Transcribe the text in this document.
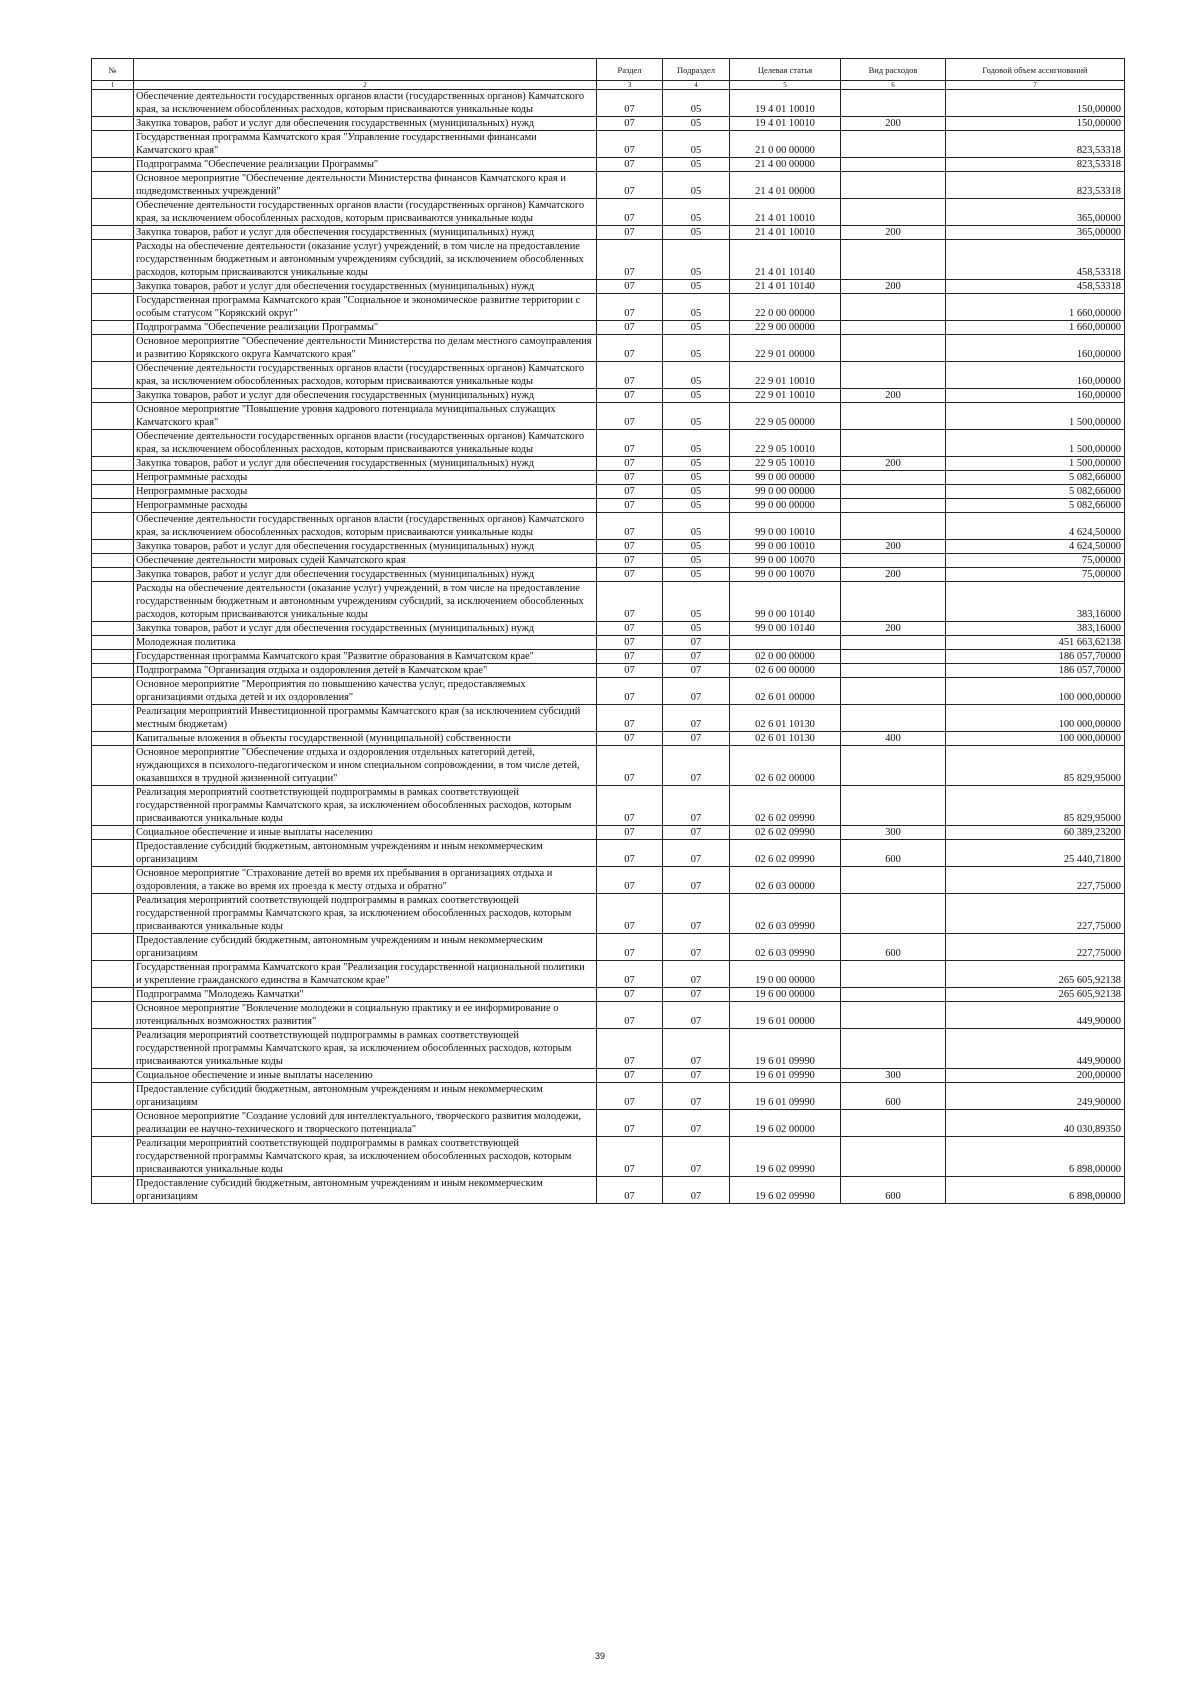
№		Раздел	Подраздел	Целевая статья	Вид расходов	Годовой объем ассигнований
1	2	3	4	5	6	7
	Обеспечение деятельности государственных органов власти (государственных органов) Камчатского края, за исключением обособленных расходов, которым присваиваются уникальные коды	07	05	19 4 01 10010		150,00000
	Закупка товаров, работ и услуг для обеспечения государственных (муниципальных) нужд	07	05	19 4 01 10010	200	150,00000
	Государственная программа Камчатского края "Управление государственными финансами Камчатского края"	07	05	21 0 00 00000		823,53318
	Подпрограмма "Обеспечение реализации Программы"	07	05	21 4 00 00000		823,53318
	Основное мероприятие "Обеспечение деятельности Министерства финансов Камчатского края и подведомственных учреждений"	07	05	21 4 01 00000		823,53318
	Обеспечение деятельности государственных органов власти (государственных органов) Камчатского края, за исключением обособленных расходов, которым присваиваются уникальные коды	07	05	21 4 01 10010		365,00000
	Закупка товаров, работ и услуг для обеспечения государственных (муниципальных) нужд	07	05	21 4 01 10010	200	365,00000
	Расходы на обеспечение деятельности (оказание услуг) учреждений, в том числе на предоставление государственным бюджетным и автономным учреждениям субсидий, за исключением обособленных расходов, которым присваиваются уникальные коды	07	05	21 4 01 10140		458,53318
	Закупка товаров, работ и услуг для обеспечения государственных (муниципальных) нужд	07	05	21 4 01 10140	200	458,53318
	Государственная программа Камчатского края "Социальное и экономическое развитие территории с особым статусом "Корякский округ"	07	05	22 0 00 00000		1 660,00000
	Подпрограмма "Обеспечение реализации Программы"	07	05	22 9 00 00000		1 660,00000
	Основное мероприятие "Обеспечение деятельности Министерства по делам местного самоуправления и развитию Корякского округа Камчатского края"	07	05	22 9 01 00000		160,00000
	Обеспечение деятельности государственных органов власти (государственных органов) Камчатского края, за исключением обособленных расходов, которым присваиваются уникальные коды	07	05	22 9 01 10010		160,00000
	Закупка товаров, работ и услуг для обеспечения государственных (муниципальных) нужд	07	05	22 9 01 10010	200	160,00000
	Основное мероприятие "Повышение уровня кадрового потенциала муниципальных служащих Камчатского края"	07	05	22 9 05 00000		1 500,00000
	Обеспечение деятельности государственных органов власти (государственных органов) Камчатского края, за исключением обособленных расходов, которым присваиваются уникальные коды	07	05	22 9 05 10010		1 500,00000
	Закупка товаров, работ и услуг для обеспечения государственных (муниципальных) нужд	07	05	22 9 05 10010	200	1 500,00000
	Непрограммные расходы	07	05	99 0 00 00000		5 082,66000
	Непрограммные расходы	07	05	99 0 00 00000		5 082,66000
	Непрограммные расходы	07	05	99 0 00 00000		5 082,66000
	Обеспечение деятельности государственных органов власти (государственных органов) Камчатского края, за исключением обособленных расходов, которым присваиваются уникальные коды	07	05	99 0 00 10010		4 624,50000
	Закупка товаров, работ и услуг для обеспечения государственных (муниципальных) нужд	07	05	99 0 00 10010	200	4 624,50000
	Обеспечение деятельности мировых судей Камчатского края	07	05	99 0 00 10070		75,00000
	Закупка товаров, работ и услуг для обеспечения государственных (муниципальных) нужд	07	05	99 0 00 10070	200	75,00000
	Расходы на обеспечение деятельности (оказание услуг) учреждений, в том числе на предоставление государственным бюджетным и автономным учреждениям субсидий, за исключением обособленных расходов, которым присваиваются уникальные коды	07	05	99 0 00 10140		383,16000
	Закупка товаров, работ и услуг для обеспечения государственных (муниципальных) нужд	07	05	99 0 00 10140	200	383,16000
	Молодежная политика	07	07			451 663,62138
	Государственная программа Камчатского края "Развитие образования в Камчатском крае"	07	07	02 0 00 00000		186 057,70000
	Подпрограмма "Организация отдыха и оздоровления детей в Камчатском крае"	07	07	02 6 00 00000		186 057,70000
	Основное мероприятие "Мероприятия по повышению качества услуг, предоставляемых организациями отдыха детей и их оздоровления"	07	07	02 6 01 00000		100 000,00000
	Реализация мероприятий Инвестиционной программы Камчатского края (за исключением субсидий местным бюджетам)	07	07	02 6 01 10130		100 000,00000
	Капитальные вложения в объекты государственной (муниципальной) собственности	07	07	02 6 01 10130	400	100 000,00000
	Основное мероприятие "Обеспечение отдыха и оздоровления отдельных категорий детей, нуждающихся в психолого-педагогическом и ином специальном сопровождении, в том числе детей, оказавшихся в трудной жизненной ситуации"	07	07	02 6 02 00000		85 829,95000
	Реализация мероприятий соответствующей подпрограммы в рамках соответствующей государственной программы Камчатского края, за исключением обособленных расходов, которым присваиваются уникальные коды	07	07	02 6 02 09990		85 829,95000
	Социальное обеспечение и иные выплаты населению	07	07	02 6 02 09990	300	60 389,23200
	Предоставление субсидий бюджетным, автономным учреждениям и иным некоммерческим организациям	07	07	02 6 02 09990	600	25 440,71800
	Основное мероприятие "Страхование детей во время их пребывания в организациях отдыха и оздоровления, а также во время их проезда к месту отдыха и обратно"	07	07	02 6 03 00000		227,75000
	Реализация мероприятий соответствующей подпрограммы в рамках соответствующей государственной программы Камчатского края, за исключением обособленных расходов, которым присваиваются уникальные коды	07	07	02 6 03 09990		227,75000
	Предоставление субсидий бюджетным, автономным учреждениям и иным некоммерческим организациям	07	07	02 6 03 09990	600	227,75000
	Государственная программа Камчатского края "Реализация государственной национальной политики и укрепление гражданского единства в Камчатском крае"	07	07	19 0 00 00000		265 605,92138
	Подпрограмма "Молодежь Камчатки"	07	07	19 6 00 00000		265 605,92138
	Основное мероприятие "Вовлечение молодежи в социальную практику и ее информирование о потенциальных возможностях развития"	07	07	19 6 01 00000		449,90000
	Реализация мероприятий соответствующей подпрограммы в рамках соответствующей государственной программы Камчатского края, за исключением обособленных расходов, которым присваиваются уникальные коды	07	07	19 6 01 09990		449,90000
	Социальное обеспечение и иные выплаты населению	07	07	19 6 01 09990	300	200,00000
	Предоставление субсидий бюджетным, автономным учреждениям и иным некоммерческим организациям	07	07	19 6 01 09990	600	249,90000
	Основное мероприятие "Создание условий для интеллектуального, творческого развития молодежи, реализации ее научно-технического и творческого потенциала"	07	07	19 6 02 00000		40 030,89350
	Реализация мероприятий соответствующей подпрограммы в рамках соответствующей государственной программы Камчатского края, за исключением обособленных расходов, которым присваиваются уникальные коды	07	07	19 6 02 09990		6 898,00000
	Предоставление субсидий бюджетным, автономным учреждениям и иным некоммерческим организациям	07	07	19 6 02 09990	600	6 898,00000
39
